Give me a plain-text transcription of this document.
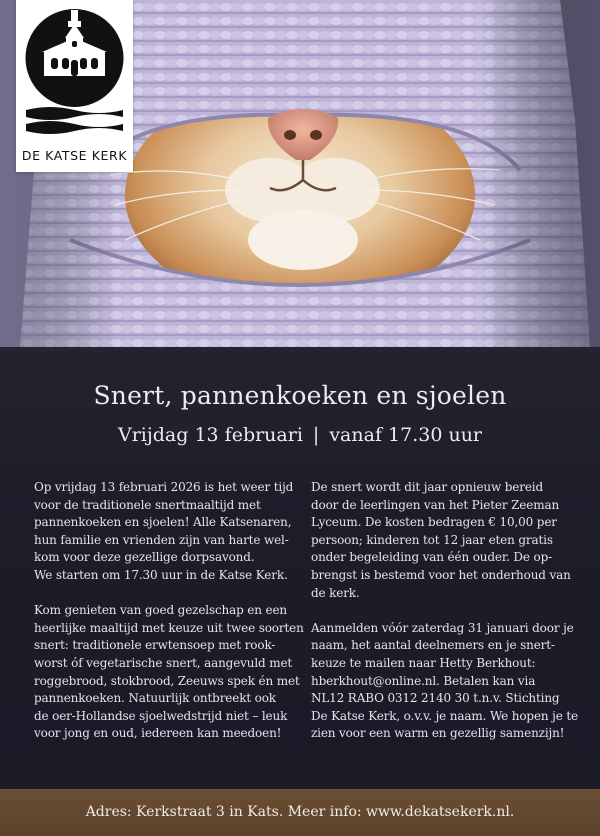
DE KATSE KERK
Snert, pannenkoeken en sjoelen
Vrijdag 13 februari | vanaf 17.30 uur

Op vrijdag 13 februari 2026 is het weer tijd
voor de traditionele snertmaaltijd met
pannenkoeken en sjoelen! Alle Katsenaren,
hun familie en vrienden zijn van harte wel-
kom voor deze gezellige dorpsavond.
We starten om 17.30 uur in de Katse Kerk.

Kom genieten van goed gezelschap en een
heerlijke maaltijd met keuze uit twee soorten
snert: traditionele erwtensoep met rook-
worst óf vegetarische snert, aangevuld met
roggebrood, stokbrood, Zeeuws spek én met
pannenkoeken. Natuurlijk ontbreekt ook
de oer-Hollandse sjoelwedstrijd niet – leuk
voor jong en oud, iedereen kan meedoen!

De snert wordt dit jaar opnieuw bereid
door de leerlingen van het Pieter Zeeman
Lyceum. De kosten bedragen € 10,00 per
persoon; kinderen tot 12 jaar eten gratis
onder begeleiding van één ouder. De op-
brengst is bestemd voor het onderhoud van
de kerk.

Aanmelden vóór zaterdag 31 januari door je
naam, het aantal deelnemers en je snert-
keuze te mailen naar Hetty Berkhout:
hberkhout@online.nl. Betalen kan via
NL12 RABO 0312 2140 30 t.n.v. Stichting
De Katse Kerk, o.v.v. je naam. We hopen je te
zien voor een warm en gezellig samenzijn!

Adres: Kerkstraat 3 in Kats. Meer info: www.dekatsekerk.nl.
